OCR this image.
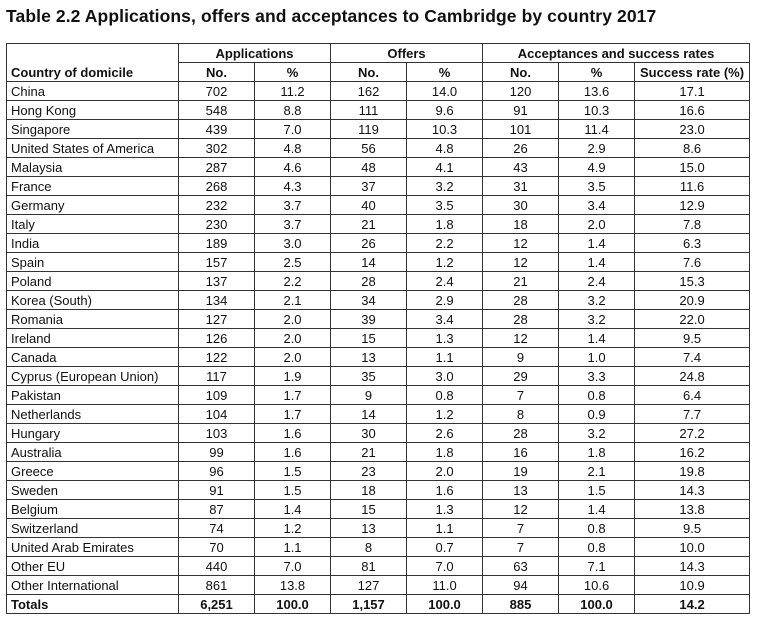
Table 2.2 Applications, offers and acceptances to Cambridge by country 2017
Country of domicile	Applications		Offers		Acceptances and success rates		
	No.	%	No.	%	No.	%	Success rate (%)
China	702	11.2	162	14.0	120	13.6	17.1
Hong Kong	548	8.8	111	9.6	91	10.3	16.6
Singapore	439	7.0	119	10.3	101	11.4	23.0
United States of America	302	4.8	56	4.8	26	2.9	8.6
Malaysia	287	4.6	48	4.1	43	4.9	15.0
France	268	4.3	37	3.2	31	3.5	11.6
Germany	232	3.7	40	3.5	30	3.4	12.9
Italy	230	3.7	21	1.8	18	2.0	7.8
India	189	3.0	26	2.2	12	1.4	6.3
Spain	157	2.5	14	1.2	12	1.4	7.6
Poland	137	2.2	28	2.4	21	2.4	15.3
Korea (South)	134	2.1	34	2.9	28	3.2	20.9
Romania	127	2.0	39	3.4	28	3.2	22.0
Ireland	126	2.0	15	1.3	12	1.4	9.5
Canada	122	2.0	13	1.1	9	1.0	7.4
Cyprus (European Union)	117	1.9	35	3.0	29	3.3	24.8
Pakistan	109	1.7	9	0.8	7	0.8	6.4
Netherlands	104	1.7	14	1.2	8	0.9	7.7
Hungary	103	1.6	30	2.6	28	3.2	27.2
Australia	99	1.6	21	1.8	16	1.8	16.2
Greece	96	1.5	23	2.0	19	2.1	19.8
Sweden	91	1.5	18	1.6	13	1.5	14.3
Belgium	87	1.4	15	1.3	12	1.4	13.8
Switzerland	74	1.2	13	1.1	7	0.8	9.5
United Arab Emirates	70	1.1	8	0.7	7	0.8	10.0
Other EU	440	7.0	81	7.0	63	7.1	14.3
Other International	861	13.8	127	11.0	94	10.6	10.9
Totals	6,251	100.0	1,157	100.0	885	100.0	14.2
